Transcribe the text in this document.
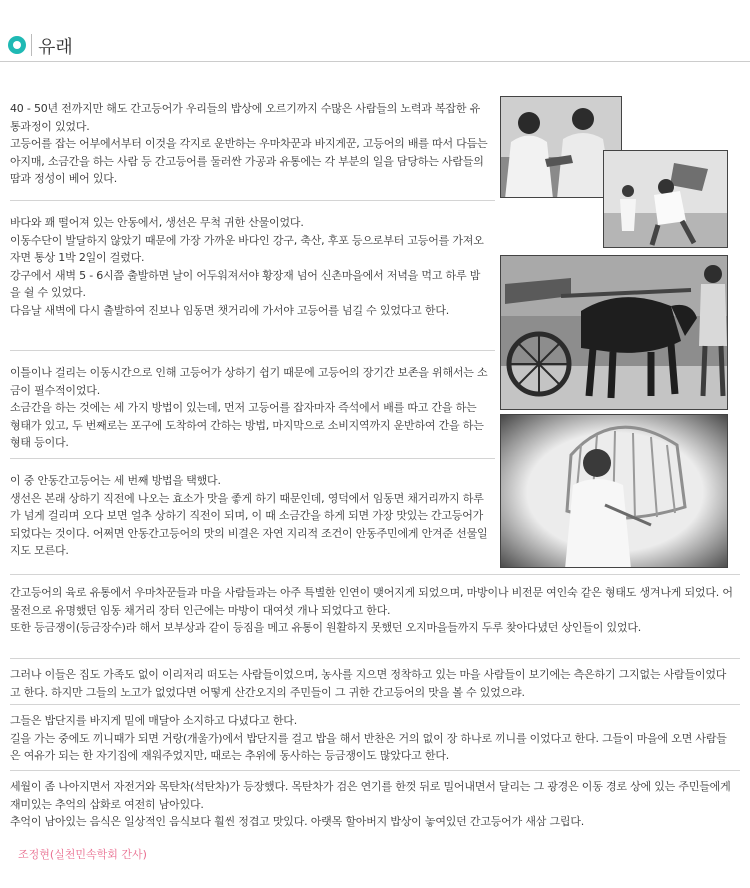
유래

40 - 50년 전까지만 해도 간고등어가 우리들의 밥상에 오르기까지 수많은 사람들의 노력과 복잡한 유통과정이 있었다.

고등어를 잡는 어부에서부터 이것을 각지로 운반하는 우마차꾼과 바지게꾼, 고등어의 배를 따서 다듬는 아지매, 소금간을 하는 사람 등 간고등어를 둘러싼 가공과 유통에는 각 부분의 일을 담당하는 사람들의 땀과 정성이 베어 있다.

바다와 꽤 떨어져 있는 안동에서, 생선은 무척 귀한 산물이었다.

이동수단이 발달하지 않았기 때문에 가장 가까운 바다인 강구, 축산, 후포 등으로부터 고등어를 가져오자면 통상 1박 2일이 걸렸다.

강구에서 새벽 5 - 6시쯤 출발하면 날이 어두워져서야 황장재 넘어 신촌마을에서 저녁을 먹고 하루 밤을 쉴 수 있었다.

다음날 새벽에 다시 출발하여 진보나 임동면 챗거리에 가서야 고등어를 넘길 수 있었다고 한다.

이틀이나 걸리는 이동시간으로 인해 고등어가 상하기 쉽기 때문에 고등어의 장기간 보존을 위해서는 소금이 필수적이었다.

소금간을 하는 것에는 세 가지 방법이 있는데, 먼저 고등어를 잡자마자 즉석에서 배를 따고 간을 하는 형태가 있고, 두 번째로는 포구에 도착하여 간하는 방법, 마지막으로 소비지역까지 운반하여 간을 하는 형태 등이다.

이 중 안동간고등어는 세 번째 방법을 택했다.

생선은 본래 상하기 직전에 나오는 효소가 맛을 좋게 하기 때문인데, 영덕에서 임동면 채거리까지 하루가 넘게 걸리며 오다 보면 얼추 상하기 직전이 되며, 이 때 소금간을 하게 되면 가장 맛있는 간고등어가 되었다는 것이다. 어쩌면 안동간고등어의 맛의 비결은 자연 지리적 조건이 안동주민에게 안겨준 선물일지도 모른다.

간고등어의 육로 유통에서 우마차꾼들과 마을 사람들과는 아주 특별한 인연이 맺어지게 되었으며, 마방이나 비전문 여인숙 같은 형태도 생겨나게 되었다. 어물전으로 유명했던 임동 채거리 장터 인근에는 마방이 대여섯 개나 되었다고 한다.

또한 등금쟁이(등금장수)라 해서 보부상과 같이 등짐을 메고 유통이 원활하지 못했던 오지마을들까지 두루 찾아다녔던 상인들이 있었다.

그러나 이들은 집도 가족도 없이 이리저리 떠도는 사람들이었으며, 농사를 지으면 정착하고 있는 마을 사람들이 보기에는 측은하기 그지없는 사람들이었다고 한다. 하지만 그들의 노고가 없었다면 어떻게 산간오지의 주민들이 그 귀한 간고등어의 맛을 볼 수 있었으랴.

그들은 밥단지를 바지게 밑에 매달아 소지하고 다녔다고 한다.

길을 가는 중에도 끼니때가 되면 거랑(개울가)에서 밥단지를 걸고 밥을 해서 반찬은 거의 없이 장 하나로 끼니를 이었다고 한다. 그들이 마을에 오면 사람들은 여유가 되는 한 자기집에 재워주었지만, 때로는 추위에 동사하는 등금쟁이도 많았다고 한다.

세월이 좀 나아지면서 자전거와 목탄차(석탄차)가 등장했다. 목탄차가 검은 연기를 한껏 뒤로 밀어내면서 달리는 그 광경은 이동 경로 상에 있는 주민들에게 재미있는 추억의 삽화로 여전히 남아있다.

추억이 남아있는 음식은 일상적인 음식보다 훨씬 정겹고 맛있다. 아랫목 할아버지 밥상이 놓여있던 간고등어가 새삼 그립다.

조정현(실천민속학회 간사)
